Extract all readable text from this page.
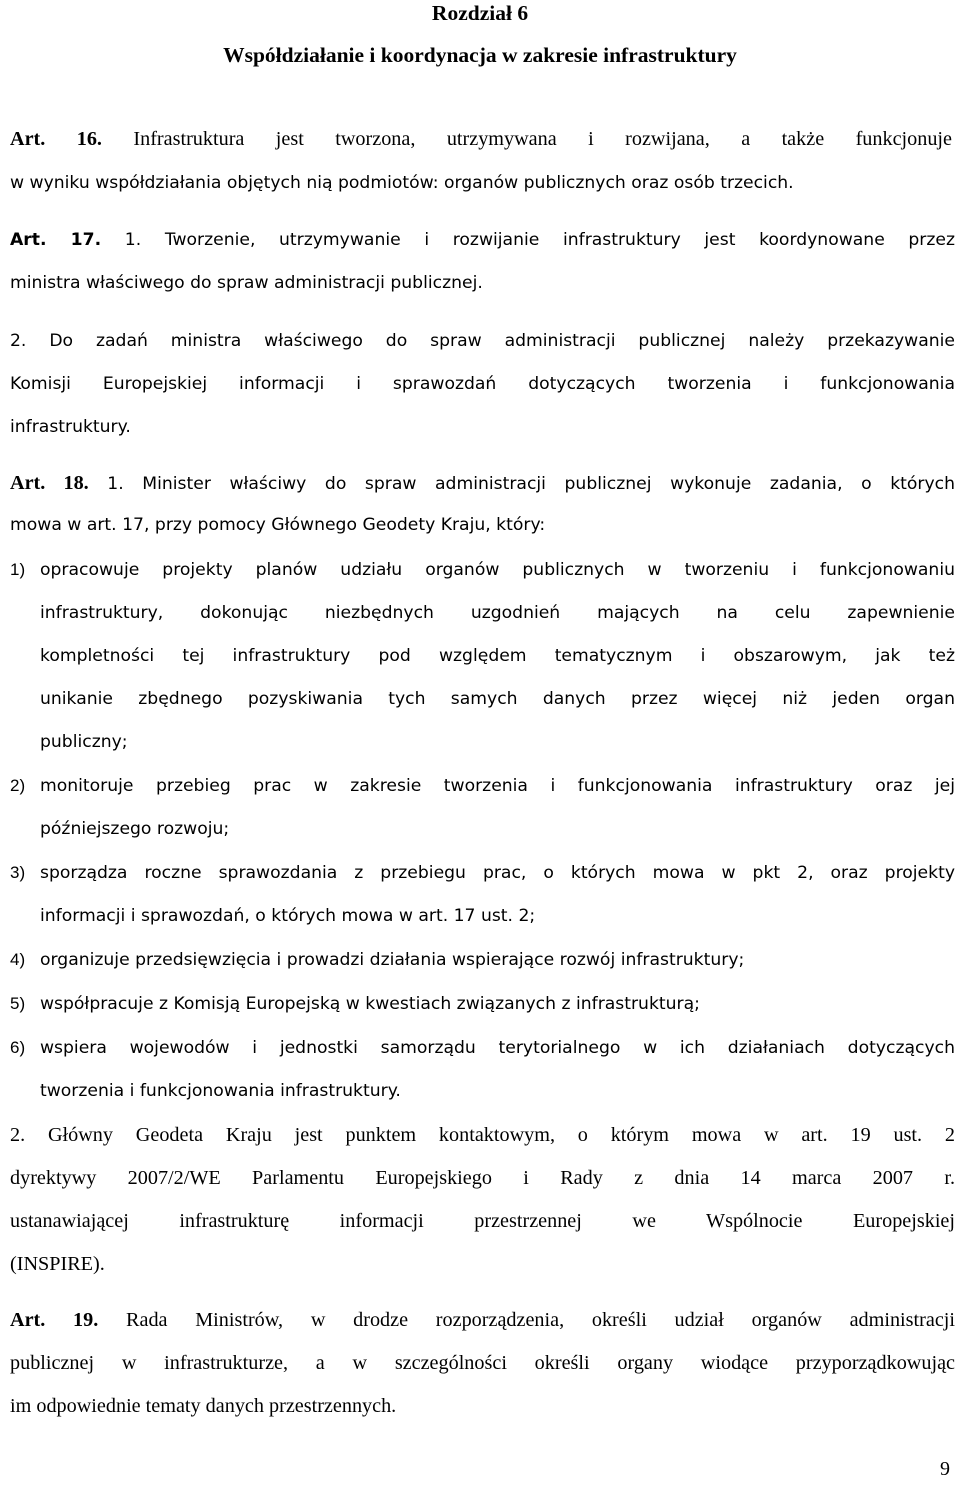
Rozdział 6
Współdziałanie i koordynacja w zakresie infrastruktury
Art. 16. Infrastruktura jest tworzona, utrzymywana i rozwijana, a także funkcjonuje
w wyniku współdziałania objętych nią podmiotów: organów publicznych oraz osób trzecich.
Art. 17. 1. Tworzenie, utrzymywanie i rozwijanie infrastruktury jest koordynowane przez
ministra właściwego do spraw administracji publicznej.
2. Do zadań ministra właściwego do spraw administracji publicznej należy przekazywanie
Komisji Europejskiej informacji i sprawozdań dotyczących tworzenia i funkcjonowania
infrastruktury.
Art. 18. 1. Minister właściwy do spraw administracji publicznej wykonuje zadania, o których
mowa w art. 17, przy pomocy Głównego Geodety Kraju, który:
1) opracowuje projekty planów udziału organów publicznych w tworzeniu i funkcjonowaniu
infrastruktury, dokonując niezbędnych uzgodnień mających na celu zapewnienie
kompletności tej infrastruktury pod względem tematycznym i obszarowym, jak też
unikanie zbędnego pozyskiwania tych samych danych przez więcej niż jeden organ
publiczny;
2) monitoruje przebieg prac w zakresie tworzenia i funkcjonowania infrastruktury oraz jej
późniejszego rozwoju;
3) sporządza roczne sprawozdania z przebiegu prac, o których mowa w pkt 2, oraz projekty
informacji i sprawozdań, o których mowa w art. 17 ust. 2;
4) organizuje przedsięwzięcia i prowadzi działania wspierające rozwój infrastruktury;
5) współpracuje z Komisją Europejską w kwestiach związanych z infrastrukturą;
6) wspiera wojewodów i jednostki samorządu terytorialnego w ich działaniach dotyczących
tworzenia i funkcjonowania infrastruktury.
2. Główny Geodeta Kraju jest punktem kontaktowym, o którym mowa w art. 19 ust. 2
dyrektywy 2007/2/WE Parlamentu Europejskiego i Rady z dnia 14 marca 2007 r.
ustanawiającej infrastrukturę informacji przestrzennej we Wspólnocie Europejskiej
(INSPIRE).
Art. 19. Rada Ministrów, w drodze rozporządzenia, określi udział organów administracji
publicznej w infrastrukturze, a w szczególności określi organy wiodące przyporządkowując
im odpowiednie tematy danych przestrzennych.
9
